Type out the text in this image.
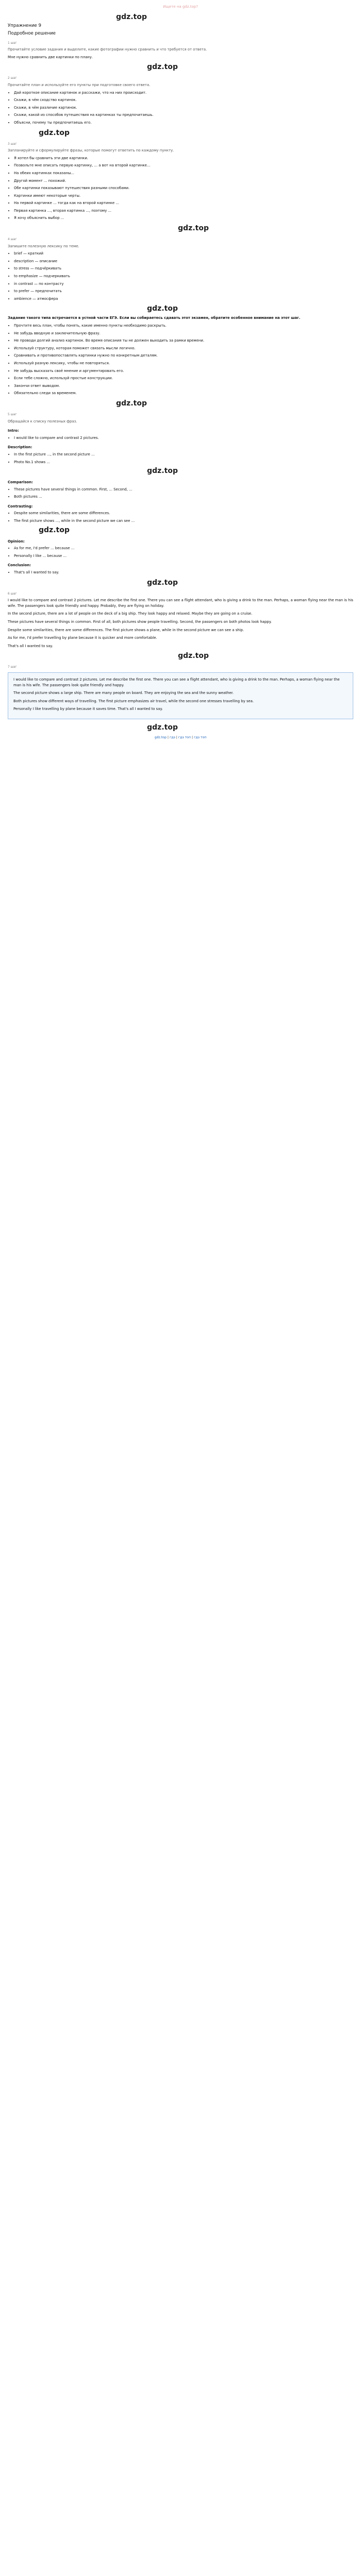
Ищете на gdz.top?
gdz.top
Упражнение 9
Подробное решение
1 шаг

Прочитайте условие задания и выделите, какие фотографии нужно сравнить и что требуется от ответа.

Мне нужно сравнить две картинки по плану.

gdz.top
2 шаг

Прочитайте план и используйте его пункты при подготовке своего ответа.

• Дай короткое описание картинок и расскажи, что на них происходит.
• Скажи, в чём сходство картинок.
• Скажи, в чём различие картинок.
• Скажи, какой из способов путешествия на картинках ты предпочитаешь.
• Объясни, почему ты предпочитаешь его.
gdz.top
3 шаг

Запланируйте и сформулируйте фразы, которые помогут ответить по каждому пункту.

• Я хотел бы сравнить эти две картинки.
• Позвольте мне описать первую картинку, ... а вот на второй картинке...
• На обеих картинках показаны...
• Другой момент ... похожий.
• Обе картинки показывают путешествия разными способами.
• Картинки имеют некоторые черты.
• На первой картинке ... тогда как на второй картинке ...
• Первая картинка ..., вторая картинка ..., поэтому ...
• Я хочу объяснить выбор ...
gdz.top
4 шаг

Запишите полезную лексику по теме.

• brief — краткий
• description — описание
• to stress — подчёркивать
• to emphasize — подчеркивать
• in contrast — по контрасту
• to prefer — предпочитать
• ambience — атмосфера
gdz.top

Задание такого типа встречается в устной части ЕГЭ. Если вы собираетесь сдавать этот экзамен, обратите особенное внимание на этот шаг.

• Прочтите весь план, чтобы понять, какие именно пункты необходимо раскрыть.
• Не забудь вводную и заключительную фразу.
• Не проводи долгий анализ картинок. Во время описания ты не должен выходить за рамки времени.
• Используй структуру, которая поможет связать мысли логично.
• Сравнивать и противопоставлять картинки нужно по конкретным деталям.
• Используй разную лексику, чтобы не повторяться.
• Не забудь высказать своё мнение и аргументировать его.
• Если тебе сложно, используй простые конструкции.
• Закончи ответ выводом.
• Обязательно следи за временем.
gdz.top
5 шаг

Обращайся к списку полезных фраз.

Intro:

• I would like to compare and contrast 2 pictures.

Description:

• In the first picture ..., in the second picture ...
• Photo No.1 shows ...
gdz.top

Comparison:

• These pictures have several things in common. First, ... Second, ...
• Both pictures ...

Contrasting:

• Despite some similarities, there are some differences.
• The first picture shows ..., while in the second picture we can see ...
gdz.top

Opinion:

• As for me, I'd prefer ... because ...
• Personally I like ... because ...

Conclusion:

• That's all I wanted to say.
gdz.top
6 шаг

I would like to compare and contrast 2 pictures. Let me describe the first one. There you can see a flight attendant, who is giving a drink to the man. Perhaps, a woman flying near the man is his wife. The passengers look quite friendly and happy. Probably, they are flying on holiday.

In the second picture, there are a lot of people on the deck of a big ship. They look happy and relaxed. Maybe they are going on a cruise.

These pictures have several things in common. First of all, both pictures show people travelling. Second, the passengers on both photos look happy.

Despite some similarities, there are some differences. The first picture shows a plane, while in the second picture we can see a ship.

As for me, I'd prefer travelling by plane because it is quicker and more comfortable.

That's all I wanted to say.

gdz.top
7 шаг

I would like to compare and contrast 2 pictures. Let me describe the first one. There you can see a flight attendant, who is giving a drink to the man. Perhaps, a woman flying near the man is his wife. The passengers look quite friendly and happy.

The second picture shows a large ship. There are many people on board. They are enjoying the sea and the sunny weather.

Both pictures show different ways of travelling. The first picture emphasizes air travel, while the second one stresses travelling by sea.

Personally I like travelling by plane because it saves time. That's all I wanted to say.

gdz.top
gdz.top | гдз | гдз топ | гдз топ
